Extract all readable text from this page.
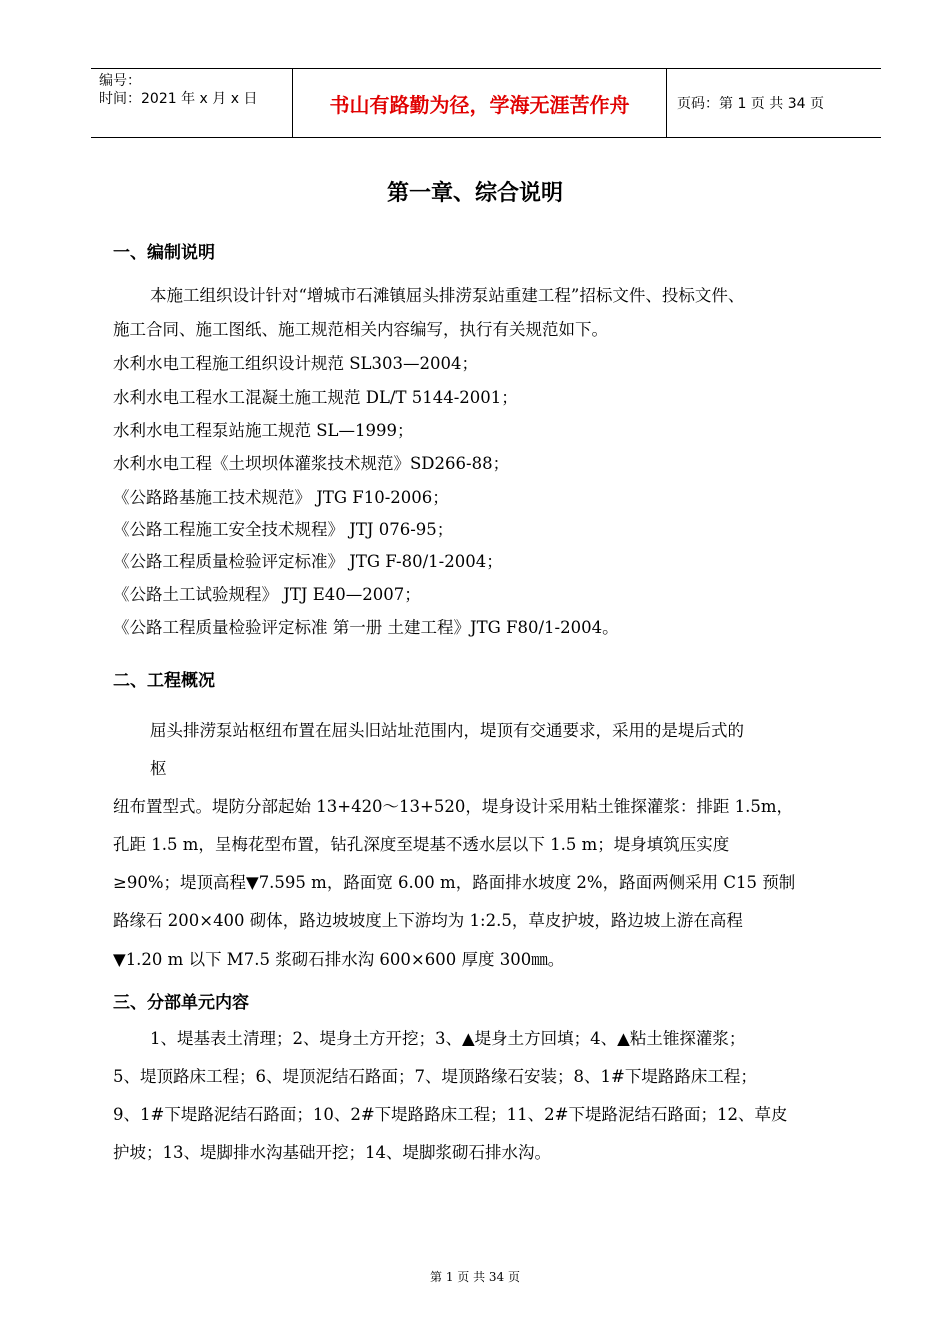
编号：
时间：2021 年 x 月 x 日	书山有路勤为径，学海无涯苦作舟	页码：第 1 页 共 34 页
第一章、综合说明
一、编制说明
本施工组织设计针对“增城市石滩镇屈头排涝泵站重建工程”招标文件、投标文件、
施工合同、施工图纸、施工规范相关内容编写，执行有关规范如下。
水利水电工程施工组织设计规范 SL303—2004；
水利水电工程水工混凝土施工规范 DL/T 5144-2001；
水利水电工程泵站施工规范 SL—1999；
水利水电工程《土坝坝体灌浆技术规范》SD266-88；
《公路路基施工技术规范》 JTG F10-2006；
《公路工程施工安全技术规程》 JTJ 076-95；
《公路工程质量检验评定标准》 JTG F-80/1-2004；
《公路土工试验规程》 JTJ E40—2007；
《公路工程质量检验评定标准 第一册 土建工程》JTG F80/1-2004。
二、工程概况
屈头排涝泵站枢纽布置在屈头旧站址范围内，堤顶有交通要求，采用的是堤后式的
枢
纽布置型式。堤防分部起始 13+420～13+520，堤身设计采用粘土锥探灌浆：排距 1.5m，
孔距 1.5 m，呈梅花型布置，钻孔深度至堤基不透水层以下 1.5 m；堤身填筑压实度
≥90%；堤顶高程▼7.595 m，路面宽 6.00 m，路面排水坡度 2%，路面两侧采用 C15 预制
路缘石 200×400 砌体，路边坡坡度上下游均为 1:2.5，草皮护坡，路边坡上游在高程
▼1.20 m 以下 M7.5 浆砌石排水沟 600×600 厚度 300㎜。
三、分部单元内容
1、堤基表土清理；2、堤身土方开挖；3、▲堤身土方回填；4、▲粘土锥探灌浆；
5、堤顶路床工程；6、堤顶泥结石路面；7、堤顶路缘石安装；8、1#下堤路路床工程；
9、1#下堤路泥结石路面；10、2#下堤路路床工程；11、2#下堤路泥结石路面；12、草皮
护坡；13、堤脚排水沟基础开挖；14、堤脚浆砌石排水沟。
第 1 页 共 34 页
